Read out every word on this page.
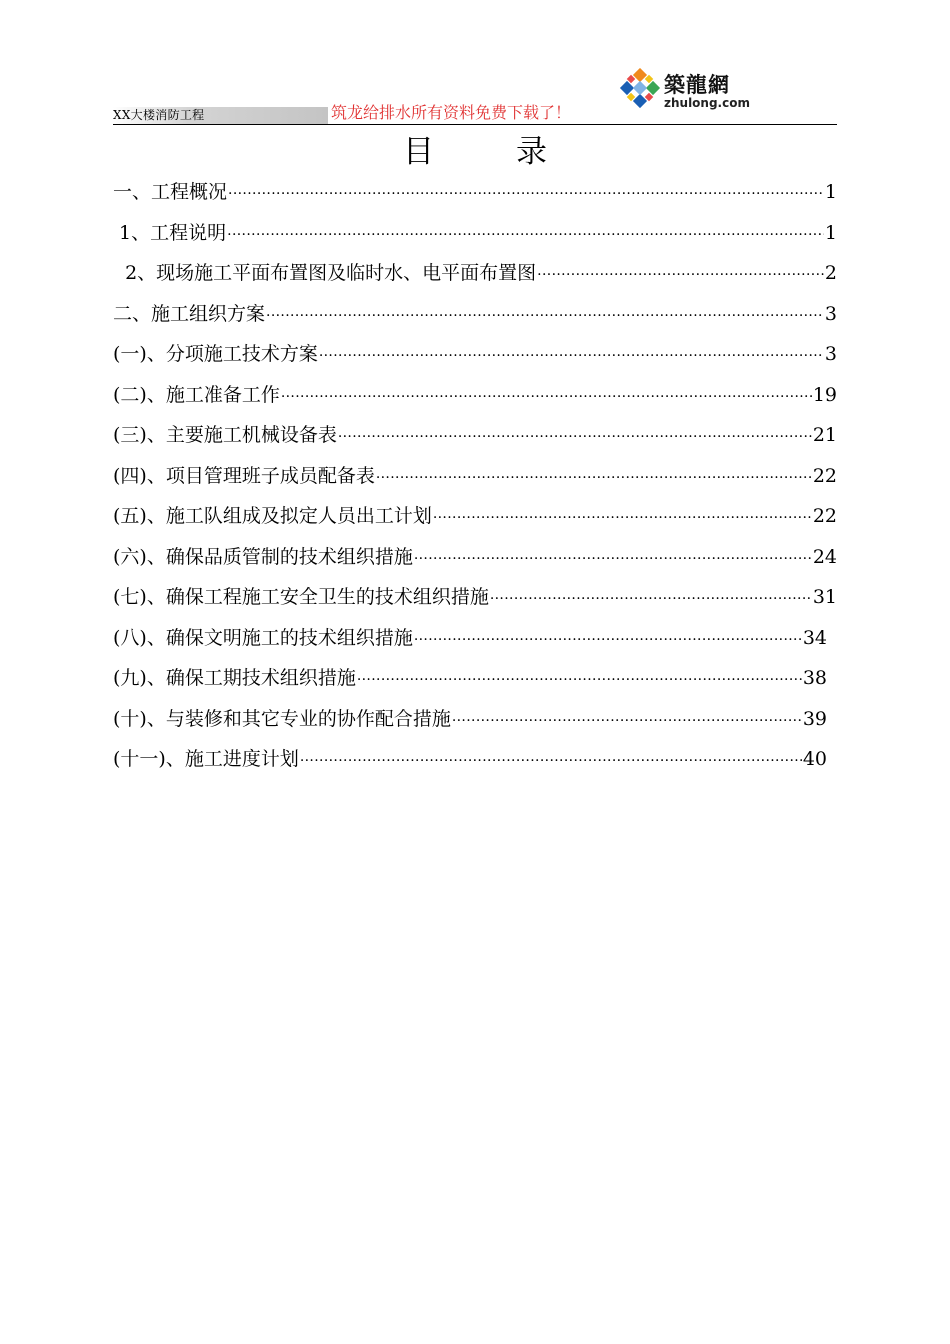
XX大楼消防工程	筑龙给排水所有资料免费下载了！
築龍網
zhulong.com
目录
一、工程概况 ·····	1
1、工程说明 ·····	1
2、现场施工平面布置图及临时水、电平面布置图 ·····	2
二、施工组织方案 ·····	3
(一)、分项施工技术方案 ·····	3
(二)、施工准备工作 ·····	19
(三)、主要施工机械设备表 ·····	21
(四)、项目管理班子成员配备表 ·····	22
(五)、施工队组成及拟定人员出工计划 ·····	22
(六)、确保品质管制的技术组织措施 ·····	24
(七)、确保工程施工安全卫生的技术组织措施 ·····	31
(八)、确保文明施工的技术组织措施 ·····	34
(九)、确保工期技术组织措施 ·····	38
(十)、与装修和其它专业的协作配合措施 ·····	39
(十一)、施工进度计划 ·····	40
